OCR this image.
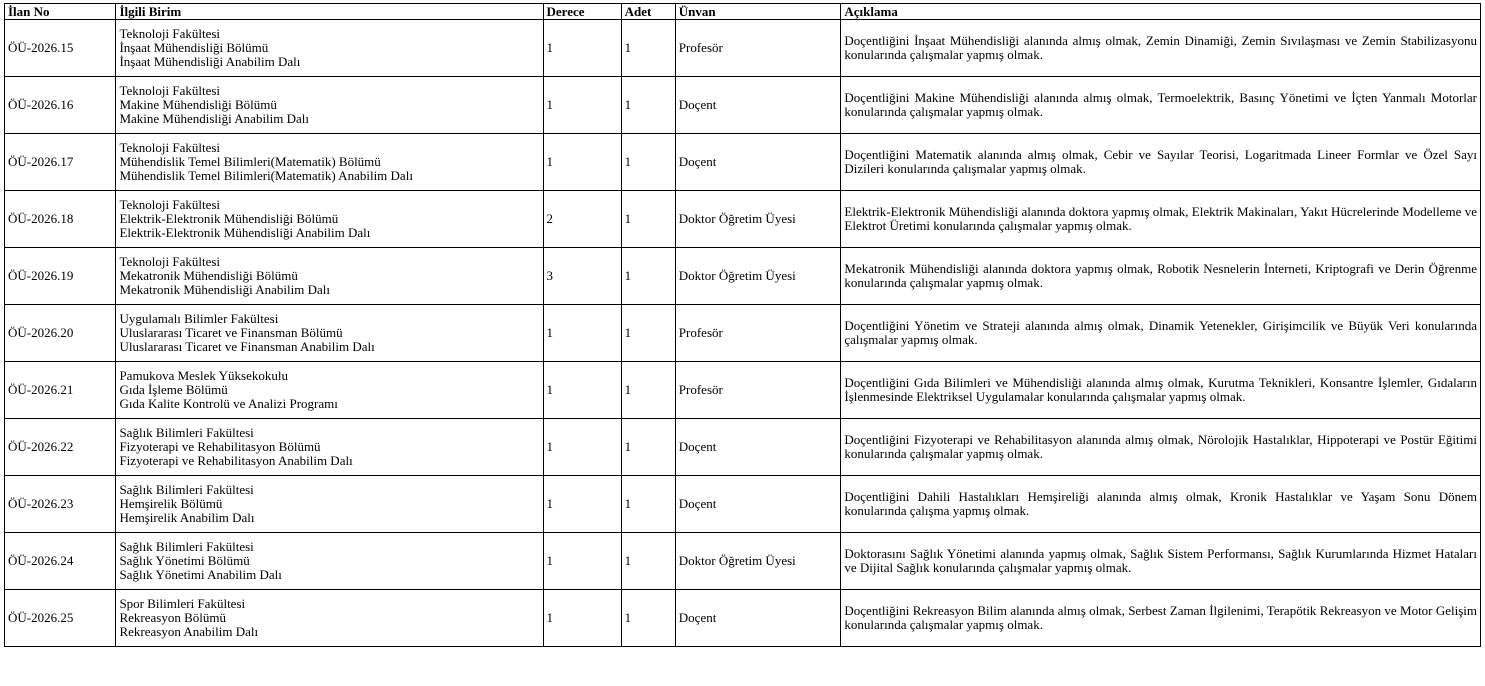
İlan No	İlgili Birim	Derece	Adet	Ünvan	Açıklama
ÖÜ-2026.15	Teknoloji Fakültesi
İnşaat Mühendisliği Bölümü
İnşaat Mühendisliği Anabilim Dalı	1	1	Profesör	Doçentliğini İnşaat Mühendisliği alanında almış olmak, Zemin Dinamiği, Zemin Sıvılaşması ve Zemin Stabilizasyonu konularında çalışmalar yapmış olmak.
ÖÜ-2026.16	Teknoloji Fakültesi
Makine Mühendisliği Bölümü
Makine Mühendisliği Anabilim Dalı	1	1	Doçent	Doçentliğini Makine Mühendisliği alanında almış olmak, Termoelektrik, Basınç Yönetimi ve İçten Yanmalı Motorlar konularında çalışmalar yapmış olmak.
ÖÜ-2026.17	Teknoloji Fakültesi
Mühendislik Temel Bilimleri(Matematik) Bölümü
Mühendislik Temel Bilimleri(Matematik) Anabilim Dalı	1	1	Doçent	Doçentliğini Matematik alanında almış olmak, Cebir ve Sayılar Teorisi, Logaritmada Lineer Formlar ve Özel Sayı Dizileri konularında çalışmalar yapmış olmak.
ÖÜ-2026.18	Teknoloji Fakültesi
Elektrik-Elektronik Mühendisliği Bölümü
Elektrik-Elektronik Mühendisliği Anabilim Dalı	2	1	Doktor Öğretim Üyesi	Elektrik-Elektronik Mühendisliği alanında doktora yapmış olmak, Elektrik Makinaları, Yakıt Hücrelerinde Modelleme ve Elektrot Üretimi konularında çalışmalar yapmış olmak.
ÖÜ-2026.19	Teknoloji Fakültesi
Mekatronik Mühendisliği Bölümü
Mekatronik Mühendisliği Anabilim Dalı	3	1	Doktor Öğretim Üyesi	Mekatronik Mühendisliği alanında doktora yapmış olmak, Robotik Nesnelerin İnterneti, Kriptografi ve Derin Öğrenme konularında çalışmalar yapmış olmak.
ÖÜ-2026.20	Uygulamalı Bilimler Fakültesi
Uluslararası Ticaret ve Finansman Bölümü
Uluslararası Ticaret ve Finansman Anabilim Dalı	1	1	Profesör	Doçentliğini Yönetim ve Strateji alanında almış olmak, Dinamik Yetenekler, Girişimcilik ve Büyük Veri konularında çalışmalar yapmış olmak.
ÖÜ-2026.21	Pamukova Meslek Yüksekokulu
Gıda İşleme Bölümü
Gıda Kalite Kontrolü ve Analizi Programı	1	1	Profesör	Doçentliğini Gıda Bilimleri ve Mühendisliği alanında almış olmak, Kurutma Teknikleri, Konsantre İşlemler, Gıdaların İşlenmesinde Elektriksel Uygulamalar konularında çalışmalar yapmış olmak.
ÖÜ-2026.22	Sağlık Bilimleri Fakültesi
Fizyoterapi ve Rehabilitasyon Bölümü
Fizyoterapi ve Rehabilitasyon Anabilim Dalı	1	1	Doçent	Doçentliğini Fizyoterapi ve Rehabilitasyon alanında almış olmak, Nörolojik Hastalıklar, Hippoterapi ve Postür Eğitimi konularında çalışmalar yapmış olmak.
ÖÜ-2026.23	Sağlık Bilimleri Fakültesi
Hemşirelik Bölümü
Hemşirelik Anabilim Dalı	1	1	Doçent	Doçentliğini Dahili Hastalıkları Hemşireliği alanında almış olmak, Kronik Hastalıklar ve Yaşam Sonu Dönem konularında çalışma yapmış olmak.
ÖÜ-2026.24	Sağlık Bilimleri Fakültesi
Sağlık Yönetimi Bölümü
Sağlık Yönetimi Anabilim Dalı	1	1	Doktor Öğretim Üyesi	Doktorasını Sağlık Yönetimi alanında yapmış olmak, Sağlık Sistem Performansı, Sağlık Kurumlarında Hizmet Hataları ve Dijital Sağlık konularında çalışmalar yapmış olmak.
ÖÜ-2026.25	Spor Bilimleri Fakültesi
Rekreasyon Bölümü
Rekreasyon Anabilim Dalı	1	1	Doçent	Doçentliğini Rekreasyon Bilim alanında almış olmak, Serbest Zaman İlgilenimi, Terapötik Rekreasyon ve Motor Gelişim konularında çalışmalar yapmış olmak.
